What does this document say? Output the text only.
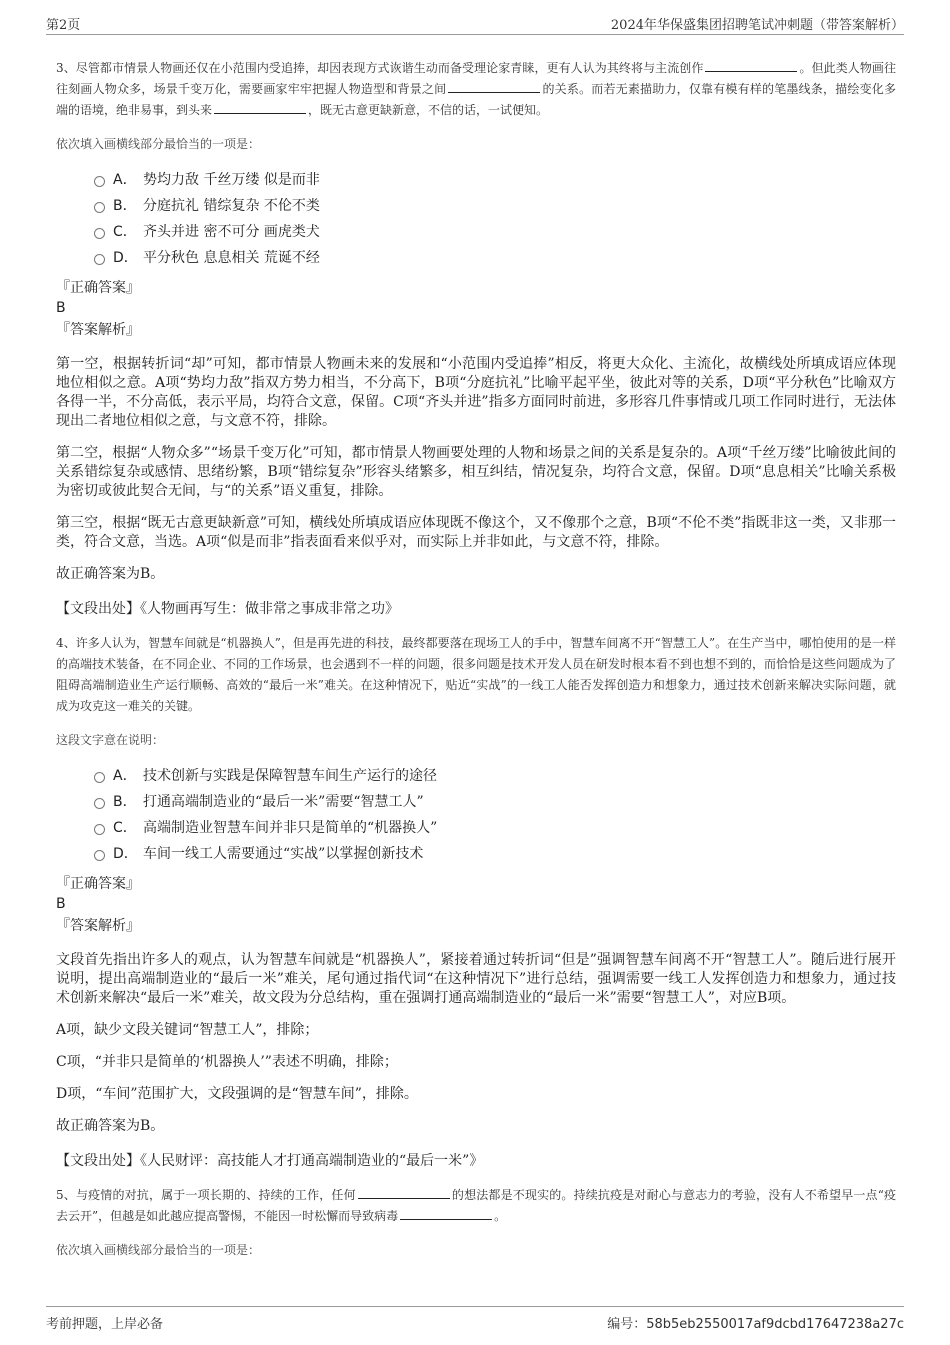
第2页	2024年华保盛集团招聘笔试冲刺题（带答案解析）

3、尽管都市情景人物画还仅在小范围内受追捧，却因表现方式诙谐生动而备受理论家青睐，更有人认为其终将与主流创作	。但此类人物画往往刻画人物众多，场景千变万化，需要画家牢牢把握人物造型和背景之间	的关系。而若无素描助力，仅靠有模有样的笔墨线条，描绘变化多端的语境，绝非易事，到头来	，既无古意更缺新意，不信的话，一试便知。

依次填入画横线部分最恰当的一项是：

A． 势均力敌 千丝万缕 似是而非
B． 分庭抗礼 错综复杂 不伦不类
C． 齐头并进 密不可分 画虎类犬
D． 平分秋色 息息相关 荒诞不经

『正确答案』

B

『答案解析』

第一空，根据转折词“却”可知，都市情景人物画未来的发展和“小范围内受追捧”相反，将更大众化、主流化，故横线处所填成语应体现地位相似之意。A项“势均力敌”指双方势力相当，不分高下，B项“分庭抗礼”比喻平起平坐，彼此对等的关系，D项“平分秋色”比喻双方各得一半，不分高低，表示平局，均符合文意，保留。C项“齐头并进”指多方面同时前进，多形容几件事情或几项工作同时进行，无法体现出二者地位相似之意，与文意不符，排除。

第二空，根据“人物众多”“场景千变万化”可知，都市情景人物画要处理的人物和场景之间的关系是复杂的。A项“千丝万缕”比喻彼此间的关系错综复杂或感情、思绪纷繁，B项“错综复杂”形容头绪繁多，相互纠结，情况复杂，均符合文意，保留。D项“息息相关”比喻关系极为密切或彼此契合无间，与“的关系”语义重复，排除。

第三空，根据“既无古意更缺新意”可知，横线处所填成语应体现既不像这个，又不像那个之意，B项“不伦不类”指既非这一类，又非那一类，符合文意，当选。A项“似是而非”指表面看来似乎对，而实际上并非如此，与文意不符，排除。

故正确答案为B。

【文段出处】《人物画再写生：做非常之事成非常之功》

4、许多人认为，智慧车间就是“机器换人”，但是再先进的科技，最终都要落在现场工人的手中，智慧车间离不开“智慧工人”。在生产当中，哪怕使用的是一样的高端技术装备，在不同企业、不同的工作场景，也会遇到不一样的问题，很多问题是技术开发人员在研发时根本看不到也想不到的，而恰恰是这些问题成为了阻碍高端制造业生产运行顺畅、高效的“最后一米”难关。在这种情况下，贴近“实战”的一线工人能否发挥创造力和想象力，通过技术创新来解决实际问题，就成为攻克这一难关的关键。

这段文字意在说明：

A． 技术创新与实践是保障智慧车间生产运行的途径
B． 打通高端制造业的“最后一米”需要“智慧工人”
C． 高端制造业智慧车间并非只是简单的“机器换人”
D． 车间一线工人需要通过“实战”以掌握创新技术

『正确答案』

B

『答案解析』

文段首先指出许多人的观点，认为智慧车间就是“机器换人”，紧接着通过转折词“但是”强调智慧车间离不开“智慧工人”。随后进行展开说明，提出高端制造业的“最后一米”难关，尾句通过指代词“在这种情况下”进行总结，强调需要一线工人发挥创造力和想象力，通过技术创新来解决“最后一米”难关，故文段为分总结构，重在强调打通高端制造业的“最后一米”需要“智慧工人”，对应B项。

A项，缺少文段关键词“智慧工人”，排除；

C项，“并非只是简单的‘机器换人’”表述不明确，排除；

D项，“车间”范围扩大，文段强调的是“智慧车间”，排除。

故正确答案为B。

【文段出处】《人民财评：高技能人才打通高端制造业的“最后一米”》

5、与疫情的对抗，属于一项长期的、持续的工作，任何	的想法都是不现实的。持续抗疫是对耐心与意志力的考验，没有人不希望早一点“疫去云开”，但越是如此越应提高警惕，不能因一时松懈而导致病毒	。

依次填入画横线部分最恰当的一项是：

考前押题，上岸必备	编号：58b5eb2550017af9dcbd17647238a27c
